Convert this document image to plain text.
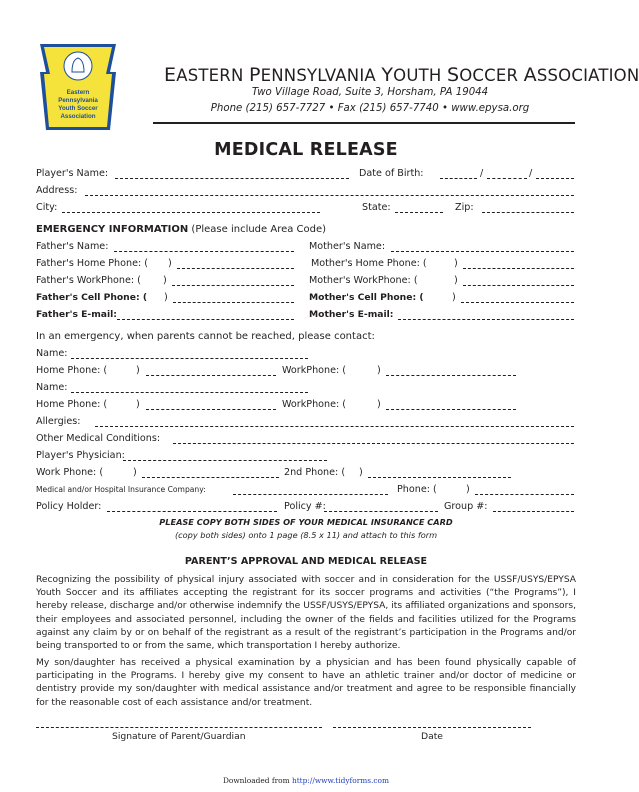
Eastern
Pennsylvania
Youth Soccer
Association
EASTERN PENNSYLVANIA YOUTH SOCCER ASSOCIATION
Two Village Road, Suite 3, Horsham, PA 19044
Phone (215) 657-7727 • Fax (215) 657-7740 • www.epysa.org
MEDICAL RELEASE
Player's Name:	Date of Birth:	/	/
Address:
City:	State:	Zip:
EMERGENCY INFORMATION (Please include Area Code)
Father's Name:	Mother's Name:
Father's Home Phone: ( )	Mother's Home Phone: (	)
Father's WorkPhone: ( )	Mother's WorkPhone: (	)
Father's Cell Phone: ( )	Mother's Cell Phone: (	)
Father's E-mail:	Mother's E-mail:
In an emergency, when parents cannot be reached, please contact:
Name:
Home Phone: (	)	WorkPhone: (	)
Name:
Home Phone: (	)	WorkPhone: (	)
Allergies:
Other Medical Conditions:
Player's Physician:
Work Phone: (	)	2nd Phone: ( )
Medical and/or Hospital Insurance Company:	Phone: (	)
Policy Holder:	Policy #:	Group #:
PLEASE COPY BOTH SIDES OF YOUR MEDICAL INSURANCE CARD
(copy both sides) onto 1 page (8.5 x 11) and attach to this form
PARENT’S APPROVAL AND MEDICAL RELEASE
Recognizing the possibility of physical injury associated with soccer and in consideration for the USSF/USYS/EPYSA Youth Soccer and its affiliates accepting the registrant for its soccer programs and activities (“the Programs”), I hereby release, discharge and/or otherwise indemnify the USSF/USYS/EPYSA, its affiliated organizations and sponsors, their employees and associated personnel, including the owner of the fields and facilities utilized for the Programs against any claim by or on behalf of the registrant as a result of the registrant’s participation in the Programs and/or being transported to or from the same, which transportation I hereby authorize.
My son/daughter has received a physical examination by a physician and has been found physically capable of participating in the Programs. I hereby give my consent to have an athletic trainer and/or doctor of medicine or dentistry provide my son/daughter with medical assistance and/or treatment and agree to be responsible financially for the reasonable cost of each assistance and/or treatment.
Signature of Parent/Guardian	Date
Downloaded from http://www.tidyforms.com
